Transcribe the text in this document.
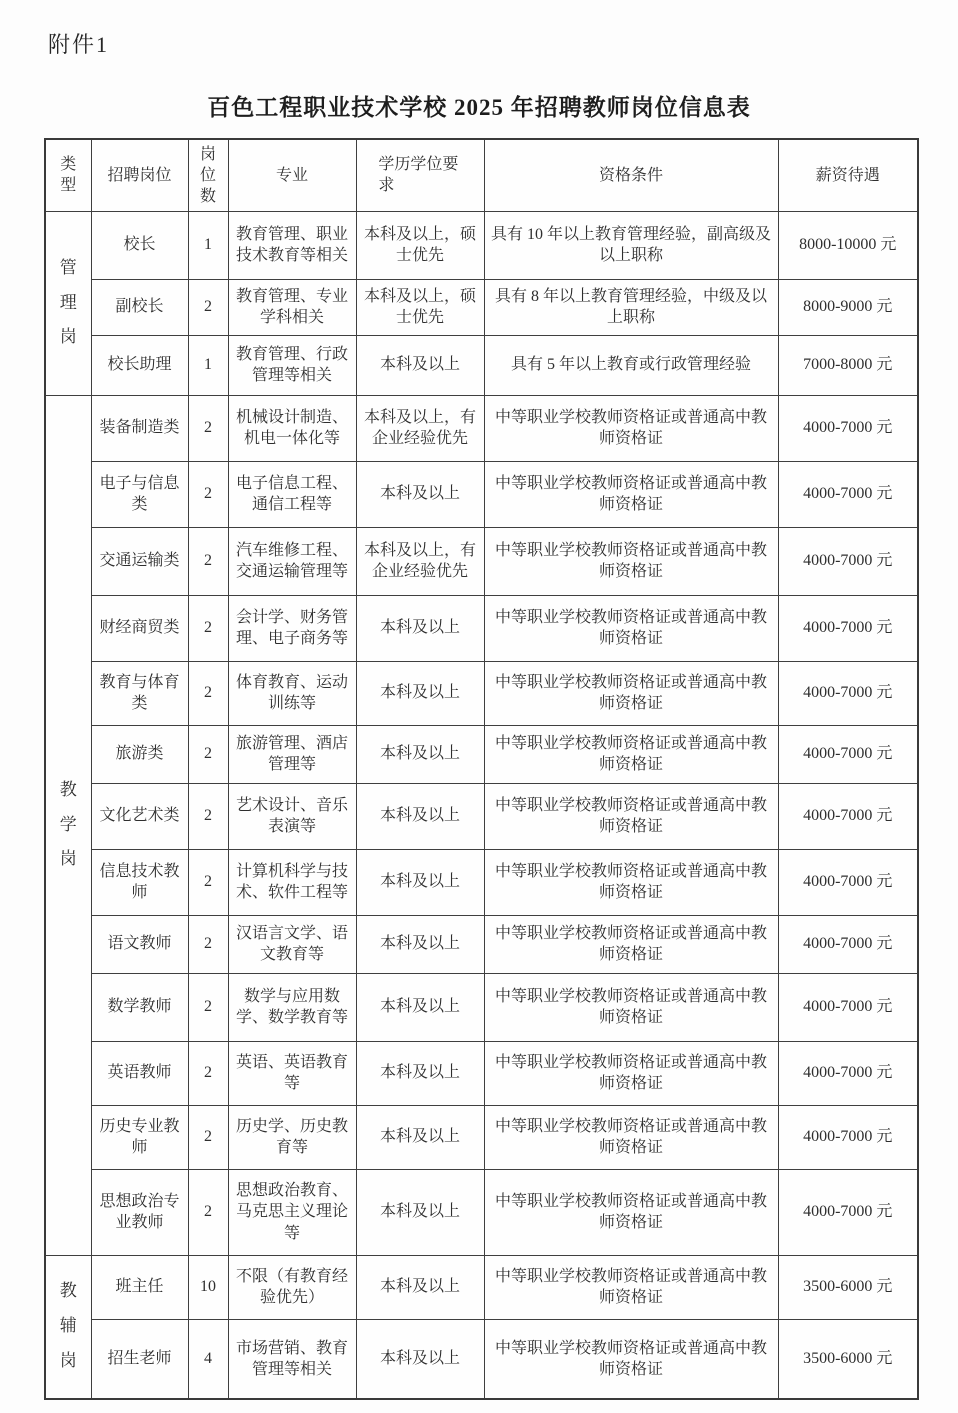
附件1
百色工程职业技术学校 2025 年招聘教师岗位信息表
类型	招聘岗位	岗位数	专业	学历学位要求	资格条件	薪资待遇
管理岗	校长	1	教育管理、职业技术教育等相关	本科及以上，硕士优先	具有 10 年以上教育管理经验，副高级及以上职称	8000-10000 元
	副校长	2	教育管理、专业学科相关	本科及以上，硕士优先	具有 8 年以上教育管理经验，中级及以上职称	8000-9000 元
	校长助理	1	教育管理、行政管理等相关	本科及以上	具有 5 年以上教育或行政管理经验	7000-8000 元
教学岗	装备制造类	2	机械设计制造、机电一体化等	本科及以上，有企业经验优先	中等职业学校教师资格证或普通高中教师资格证	4000-7000 元
	电子与信息类	2	电子信息工程、通信工程等	本科及以上	中等职业学校教师资格证或普通高中教师资格证	4000-7000 元
	交通运输类	2	汽车维修工程、交通运输管理等	本科及以上，有企业经验优先	中等职业学校教师资格证或普通高中教师资格证	4000-7000 元
	财经商贸类	2	会计学、财务管理、电子商务等	本科及以上	中等职业学校教师资格证或普通高中教师资格证	4000-7000 元
	教育与体育类	2	体育教育、运动训练等	本科及以上	中等职业学校教师资格证或普通高中教师资格证	4000-7000 元
	旅游类	2	旅游管理、酒店管理等	本科及以上	中等职业学校教师资格证或普通高中教师资格证	4000-7000 元
	文化艺术类	2	艺术设计、音乐表演等	本科及以上	中等职业学校教师资格证或普通高中教师资格证	4000-7000 元
	信息技术教师	2	计算机科学与技术、软件工程等	本科及以上	中等职业学校教师资格证或普通高中教师资格证	4000-7000 元
	语文教师	2	汉语言文学、语文教育等	本科及以上	中等职业学校教师资格证或普通高中教师资格证	4000-7000 元
	数学教师	2	数学与应用数学、数学教育等	本科及以上	中等职业学校教师资格证或普通高中教师资格证	4000-7000 元
	英语教师	2	英语、英语教育等	本科及以上	中等职业学校教师资格证或普通高中教师资格证	4000-7000 元
	历史专业教师	2	历史学、历史教育等	本科及以上	中等职业学校教师资格证或普通高中教师资格证	4000-7000 元
	思想政治专业教师	2	思想政治教育、马克思主义理论等	本科及以上	中等职业学校教师资格证或普通高中教师资格证	4000-7000 元
教辅岗	班主任	10	不限（有教育经验优先）	本科及以上	中等职业学校教师资格证或普通高中教师资格证	3500-6000 元
	招生老师	4	市场营销、教育管理等相关	本科及以上	中等职业学校教师资格证或普通高中教师资格证	3500-6000 元
